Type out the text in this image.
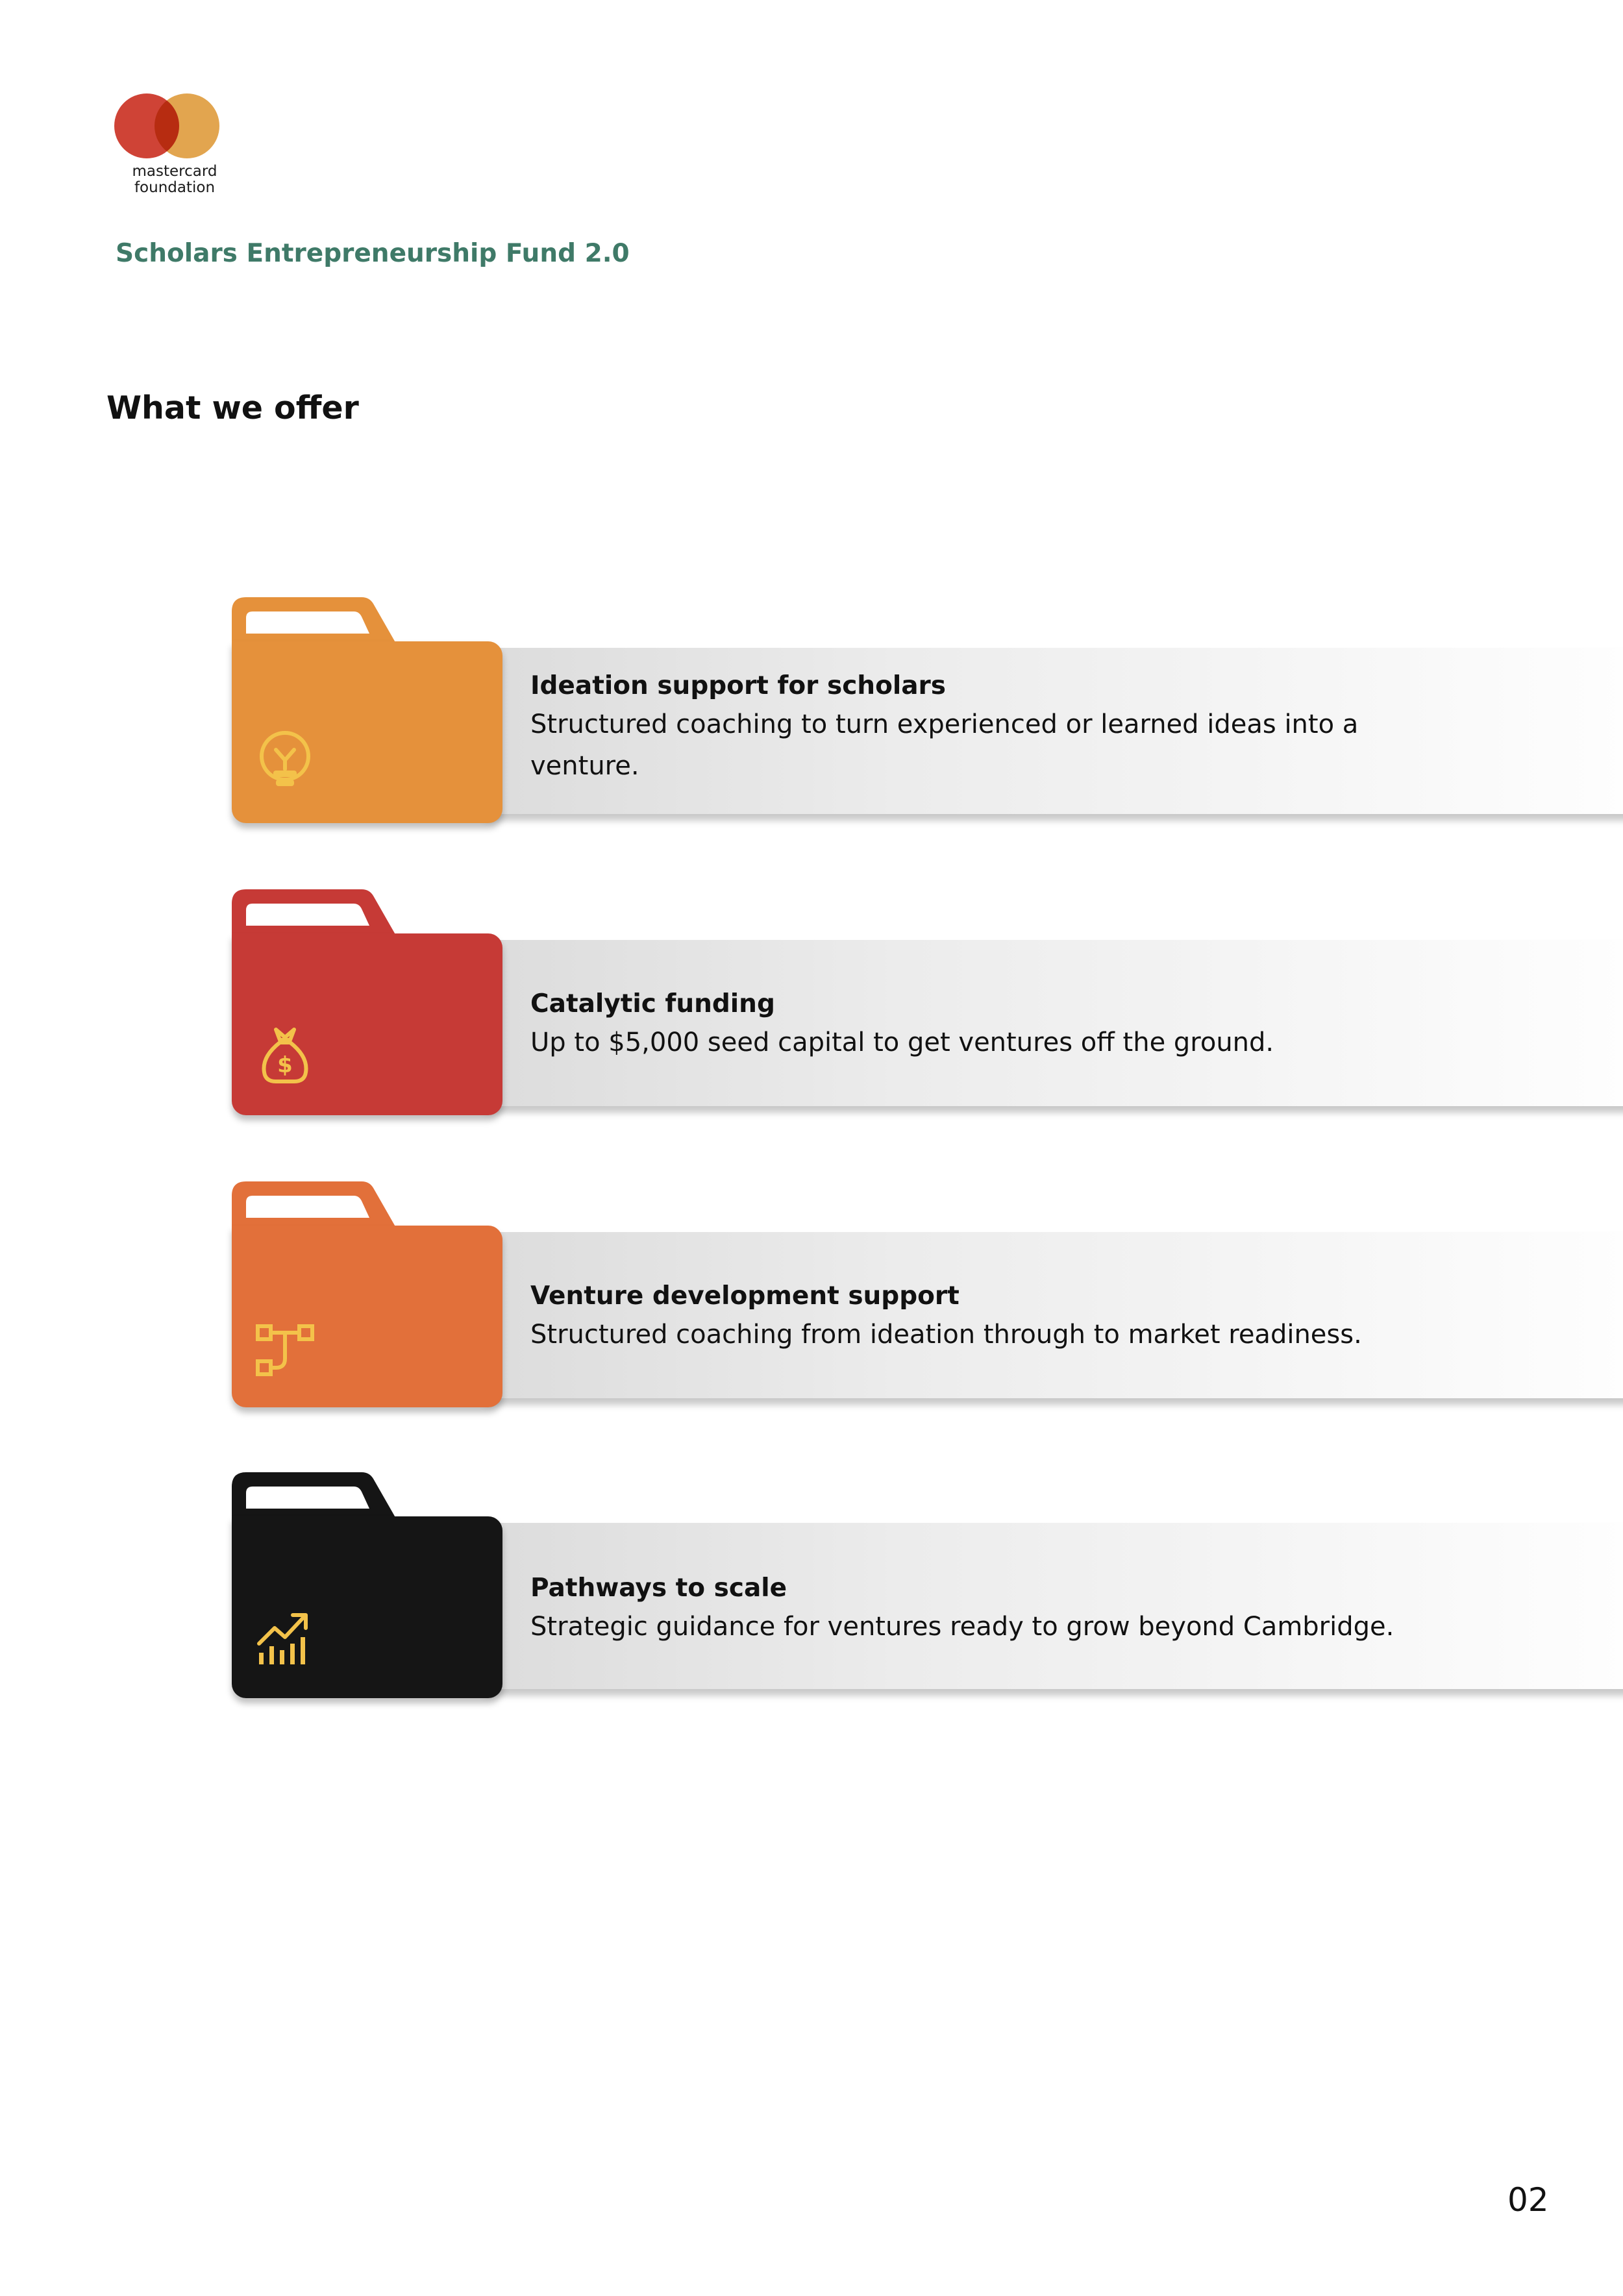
mastercard
foundation
Scholars Entrepreneurship Fund 2.0
What we offer

Ideation support for scholars

Structured coaching to turn experienced or learned ideas into a venture.

$

Catalytic funding

Up to $5,000 seed capital to get ventures off the ground.

Venture development support

Structured coaching from ideation through to market readiness.

Pathways to scale

Strategic guidance for ventures ready to grow beyond Cambridge.

02
